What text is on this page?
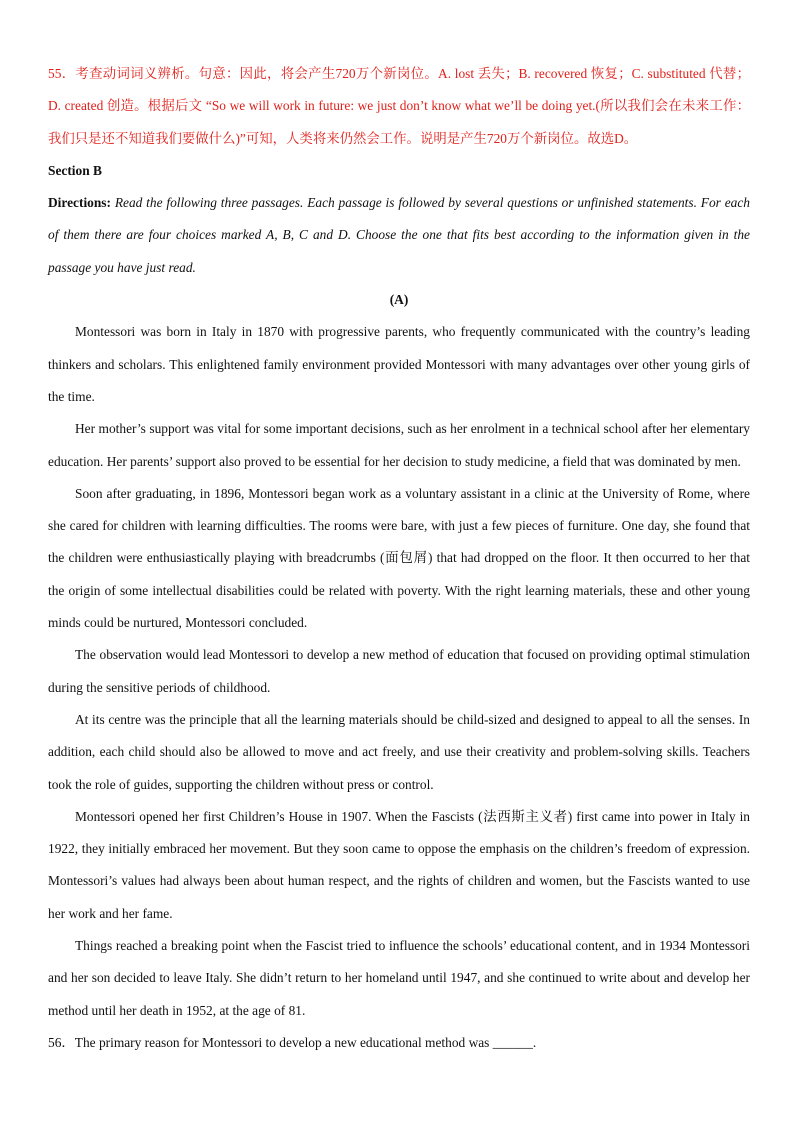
55．考查动词词义辨析。句意：因此，将会产生720万个新岗位。A. lost 丢失；B. recovered 恢复；C. substituted 代替；D. created 创造。根据后文 “So we will work in future: we just don’t know what we’ll be doing yet.(所以我们会在未来工作：我们只是还不知道我们要做什么)”可知，人类将来仍然会工作。说明是产生720万个新岗位。故选D。

Section B

Directions: Read the following three passages. Each passage is followed by several questions or unfinished statements. For each of them there are four choices marked A, B, C and D. Choose the one that fits best according to the information given in the passage you have just read.

(A)

Montessori was born in Italy in 1870 with progressive parents, who frequently communicated with the country’s leading thinkers and scholars. This enlightened family environment provided Montessori with many advantages over other young girls of the time.

Her mother’s support was vital for some important decisions, such as her enrolment in a technical school after her elementary education. Her parents’ support also proved to be essential for her decision to study medicine, a field that was dominated by men.

Soon after graduating, in 1896, Montessori began work as a voluntary assistant in a clinic at the University of Rome, where she cared for children with learning difficulties. The rooms were bare, with just a few pieces of furniture. One day, she found that the children were enthusiastically playing with breadcrumbs (面包屑) that had dropped on the floor. It then occurred to her that the origin of some intellectual disabilities could be related with poverty. With the right learning materials, these and other young minds could be nurtured, Montessori concluded.

The observation would lead Montessori to develop a new method of education that focused on providing optimal stimulation during the sensitive periods of childhood.

At its centre was the principle that all the learning materials should be child-sized and designed to appeal to all the senses. In addition, each child should also be allowed to move and act freely, and use their creativity and problem-solving skills. Teachers took the role of guides, supporting the children without press or control.

Montessori opened her first Children’s House in 1907. When the Fascists (法西斯主义者) first came into power in Italy in 1922, they initially embraced her movement. But they soon came to oppose the emphasis on the children’s freedom of expression. Montessori’s values had always been about human respect, and the rights of children and women, but the Fascists wanted to use her work and her fame.

Things reached a breaking point when the Fascist tried to influence the schools’ educational content, and in 1934 Montessori and her son decided to leave Italy. She didn’t return to her homeland until 1947, and she continued to write about and develop her method until her death in 1952, at the age of 81.

56．The primary reason for Montessori to develop a new educational method was ______.
